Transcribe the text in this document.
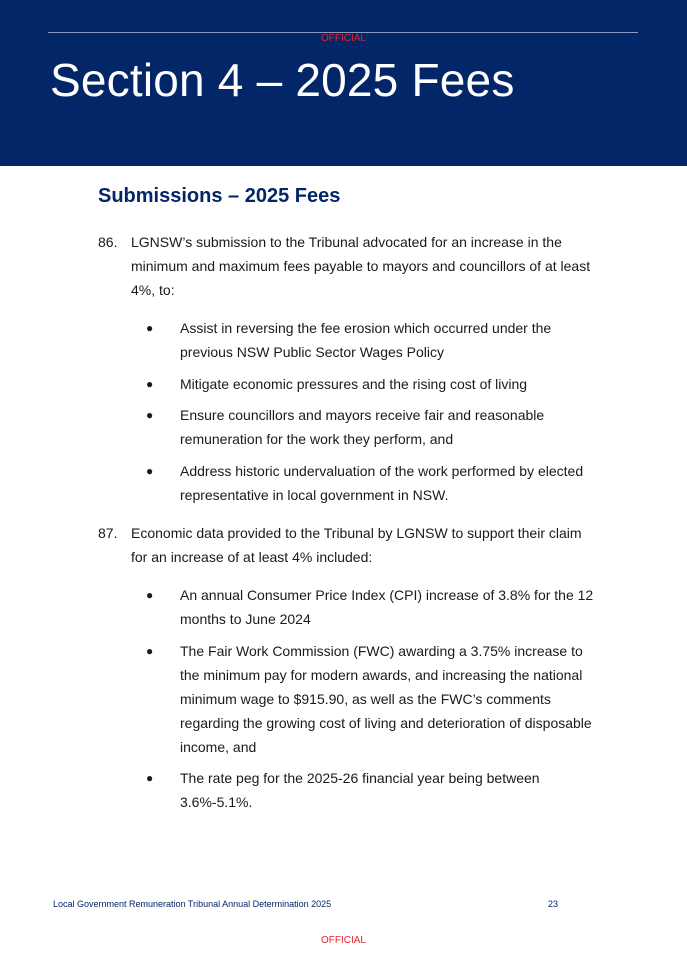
OFFICIAL
Section 4 – 2025 Fees
Submissions – 2025 Fees
86. LGNSW’s submission to the Tribunal advocated for an increase in the minimum and maximum fees payable to mayors and councillors of at least 4%, to:
● Assist in reversing the fee erosion which occurred under the previous NSW Public Sector Wages Policy
● Mitigate economic pressures and the rising cost of living
● Ensure councillors and mayors receive fair and reasonable remuneration for the work they perform, and
● Address historic undervaluation of the work performed by elected representative in local government in NSW.
87. Economic data provided to the Tribunal by LGNSW to support their claim for an increase of at least 4% included:
● An annual Consumer Price Index (CPI) increase of 3.8% for the 12 months to June 2024
● The Fair Work Commission (FWC) awarding a 3.75% increase to the minimum pay for modern awards, and increasing the national minimum wage to $915.90, as well as the FWC’s comments regarding the growing cost of living and deterioration of disposable income, and
● The rate peg for the 2025-26 financial year being between 3.6%-5.1%.
Local Government Remuneration Tribunal Annual Determination 2025	23
OFFICIAL
